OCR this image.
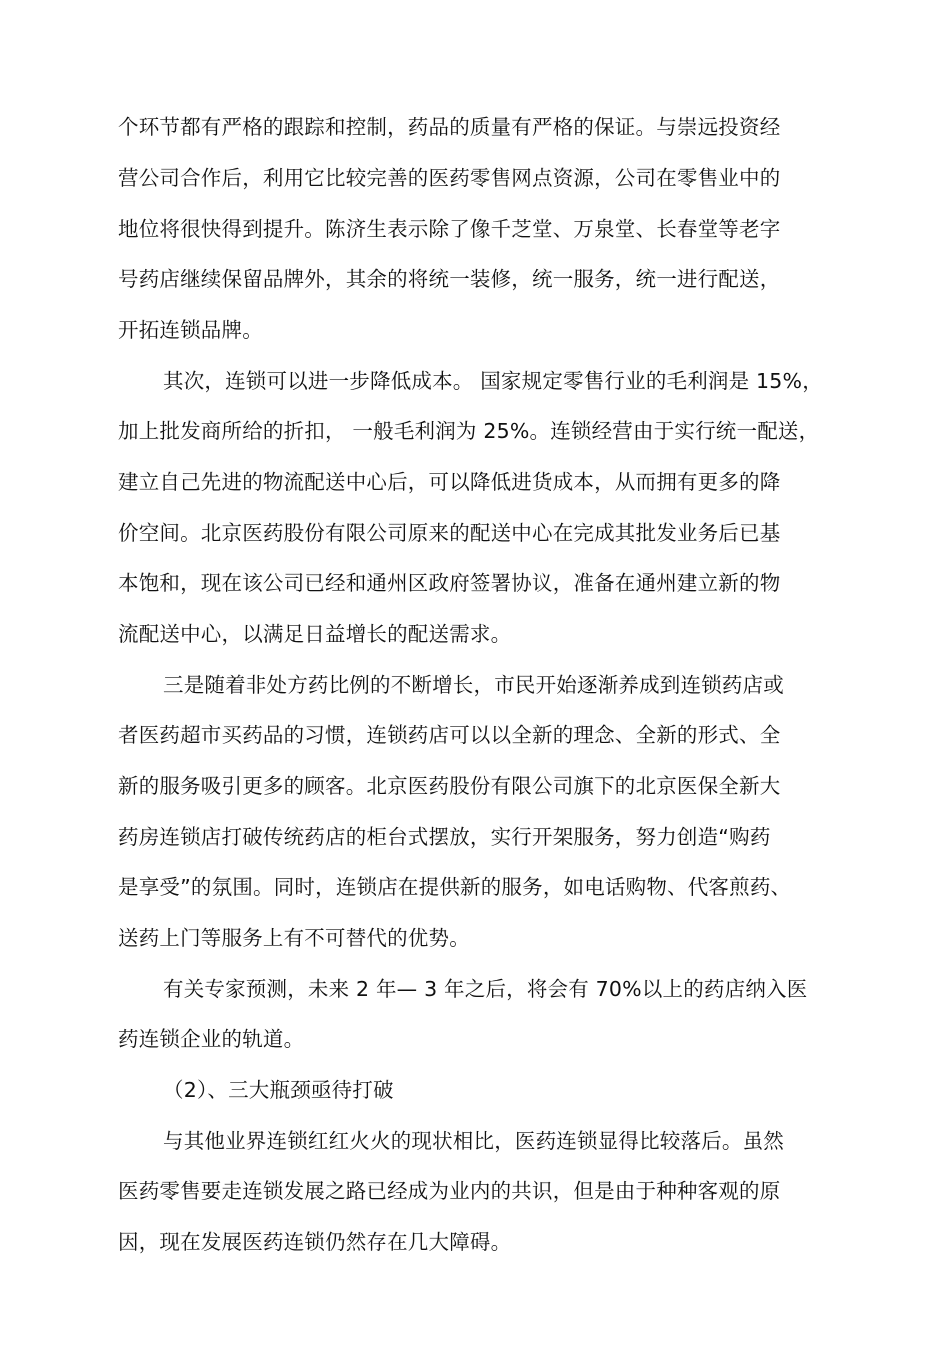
个环节都有严格的跟踪和控制，药品的质量有严格的保证。与崇远投资经
营公司合作后，利用它比较完善的医药零售网点资源，公司在零售业中的
地位将很快得到提升。陈济生表示除了像千芝堂、万泉堂、长春堂等老字
号药店继续保留品牌外，其余的将统一装修，统一服务，统一进行配送，
开拓连锁品牌。
其次，连锁可以进一步降低成本。 国家规定零售行业的毛利润是 15%，
加上批发商所给的折扣， 一般毛利润为 25%。连锁经营由于实行统一配送，
建立自己先进的物流配送中心后，可以降低进货成本，从而拥有更多的降
价空间。北京医药股份有限公司原来的配送中心在完成其批发业务后已基
本饱和，现在该公司已经和通州区政府签署协议，准备在通州建立新的物
流配送中心，以满足日益增长的配送需求。
三是随着非处方药比例的不断增长，市民开始逐渐养成到连锁药店或
者医药超市买药品的习惯，连锁药店可以以全新的理念、全新的形式、全
新的服务吸引更多的顾客。北京医药股份有限公司旗下的北京医保全新大
药房连锁店打破传统药店的柜台式摆放，实行开架服务，努力创造“购药
是享受”的氛围。同时，连锁店在提供新的服务，如电话购物、代客煎药、
送药上门等服务上有不可替代的优势。
有关专家预测，未来 2 年— 3 年之后，将会有 70%以上的药店纳入医
药连锁企业的轨道。
（2）、三大瓶颈亟待打破
与其他业界连锁红红火火的现状相比，医药连锁显得比较落后。虽然
医药零售要走连锁发展之路已经成为业内的共识，但是由于种种客观的原
因，现在发展医药连锁仍然存在几大障碍。
